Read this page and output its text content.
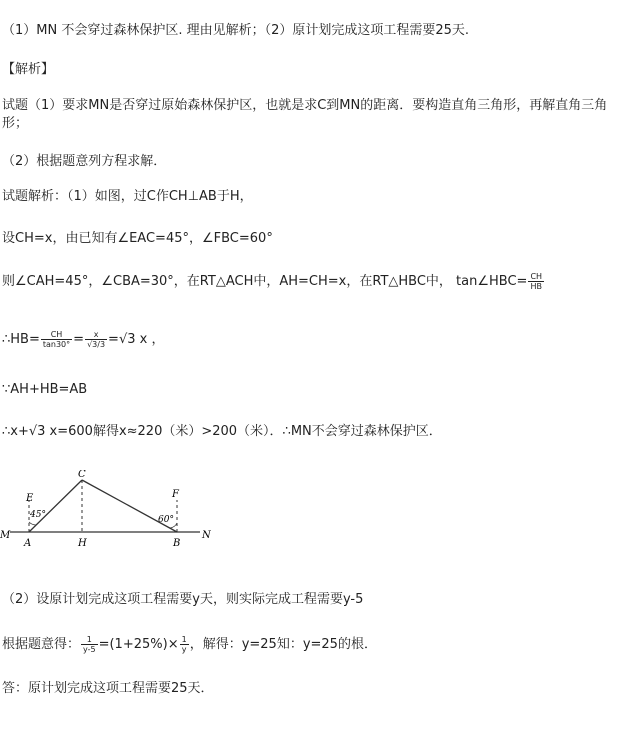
（1）MN 不会穿过森林保护区. 理由见解析；（2）原计划完成这项工程需要25天.
【解析】
试题（1）要求MN是否穿过原始森林保护区，也就是求C到MN的距离．要构造直角三角形，再解直角三角形；
（2）根据题意列方程求解．
试题解析：（1）如图，过C作CH⊥AB于H，
设CH=x，由已知有∠EAC=45°，∠FBC=60°
则∠CAH=45°，∠CBA=30°，在RT△ACH中，AH=CH=x，在RT△HBC中， tan∠HBC= $\frac{CH}{HB}$
∴HB= $\frac{CH}{\tan 30^\circ} = \frac{x}{√3/3} =√3$ x ，
∵AH+HB=AB
∴x+√3 x=600解得x≈220（米）>200（米）．∴MN不会穿过森林保护区．
M
A	H	B
N
C
E	F
45°	60°
（2）设原计划完成这项工程需要y天，则实际完成工程需要y-5
根据题意得： $\frac{1}{y-5} =(1+25\%)\times \frac{1}{y}$ ，解得：y=25知：y=25的根．
答：原计划完成这项工程需要25天．
